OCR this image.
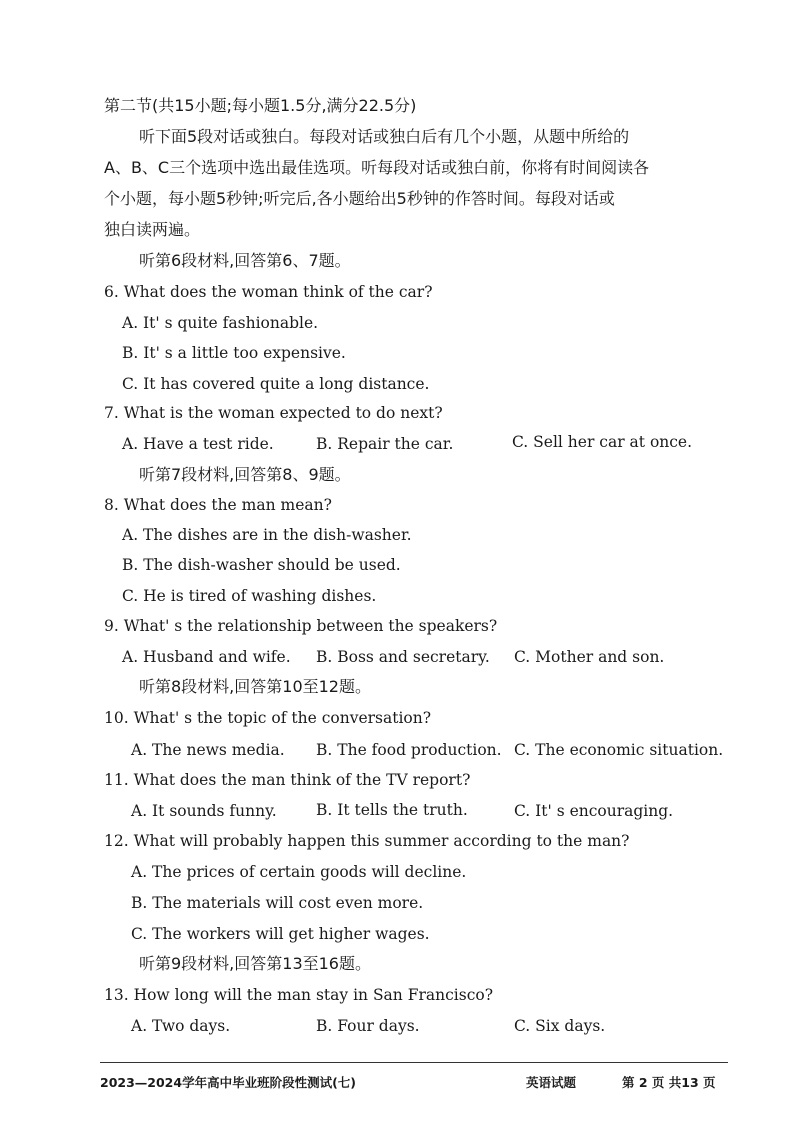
第二节(共15小题;每小题1.5分,满分22.5分)
听下面5段对话或独白。每段对话或独白后有几个小题，从题中所给的
A、B、C三个选项中选出最佳选项。听每段对话或独白前，你将有时间阅读各
个小题，每小题5秒钟;听完后,各小题给出5秒钟的作答时间。每段对话或
独白读两遍。
听第6段材料,回答第6、7题。
6. What does the woman think of the car?
A. It' s quite fashionable.
B. It' s a little too expensive.
C. It has covered quite a long distance.
7. What is the woman expected to do next?
A. Have a test ride.	B. Repair the car.	C. Sell her car at once.
听第7段材料,回答第8、9题。
8. What does the man mean?
A. The dishes are in the dish-washer.
B. The dish-washer should be used.
C. He is tired of washing dishes.
9. What' s the relationship between the speakers?
A. Husband and wife. B. Boss and secretary. C. Mother and son.
听第8段材料,回答第10至12题。
10. What' s the topic of the conversation?
A. The news media. B. The food production. C. The economic situation.
11. What does the man think of the TV report?
A. It sounds funny.	B. It tells the truth.	C. It' s encouraging.
12. What will probably happen this summer according to the man?
A. The prices of certain goods will decline.
B. The materials will cost even more.
C. The workers will get higher wages.
听第9段材料,回答第13至16题。
13. How long will the man stay in San Francisco?
A. Two days.	B. Four days.	C. Six days.
2023—2024学年高中毕业班阶段性测试(七)	英语试题	第 2 页 共13 页
